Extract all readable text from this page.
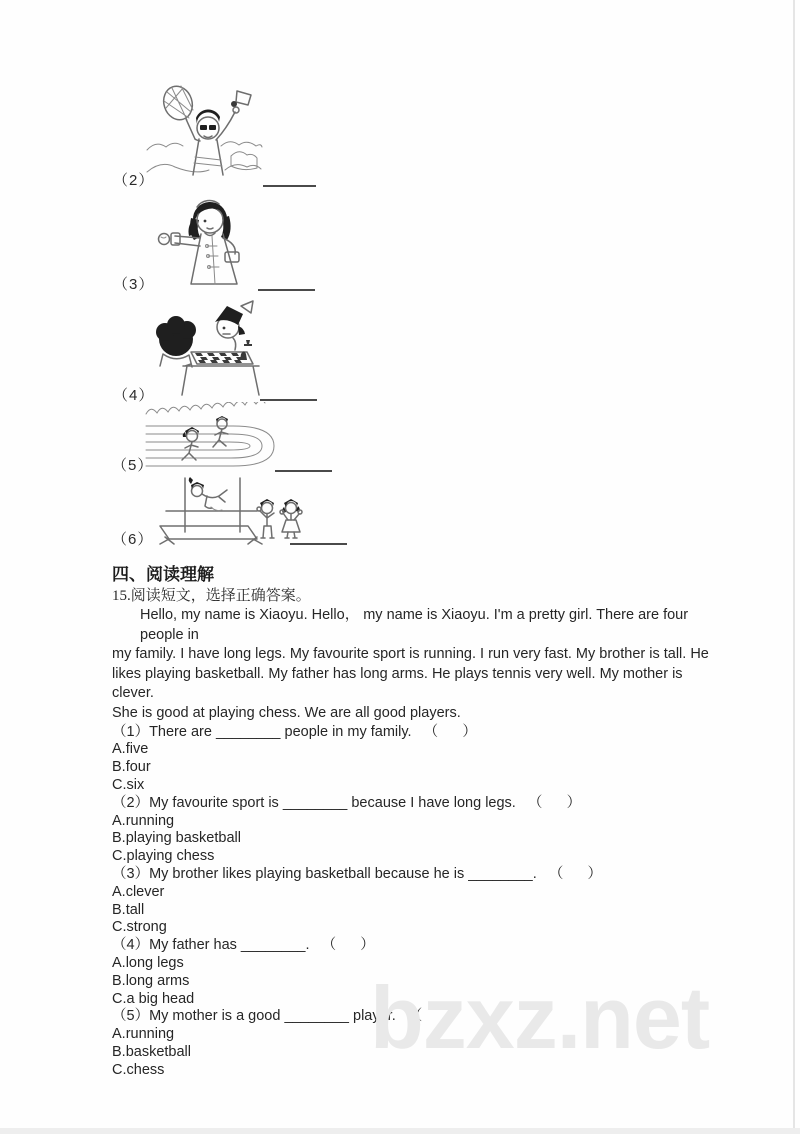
（2）
（3）
（4）
（5）
（6）
四、阅读理解
15.阅读短文，选择正确答案。
Hello, my name is Xiaoyu. Hello， my name is Xiaoyu. I'm a pretty girl. There are four people in
my family. I have long legs. My favourite sport is running. I run very fast. My brother is tall. He
likes playing basketball. My father has long arms. He plays tennis very well. My mother is clever.
She is good at playing chess. We are all good players.
（1）There are ________ people in my family.   （      ）
A.five
B.four
C.six
（2）My favourite sport is ________ because I have long legs.   （      ）
A.running
B.playing basketball
C.playing chess
（3）My brother likes playing basketball because he is ________.   （      ）
A.clever
B.tall
C.strong
（4）My father has ________.   （      ）
A.long legs
B.long arms
C.a big head
（5）My mother is a good ________ player.   （      ）
A.running
B.basketball
C.chess
bzxz.net
